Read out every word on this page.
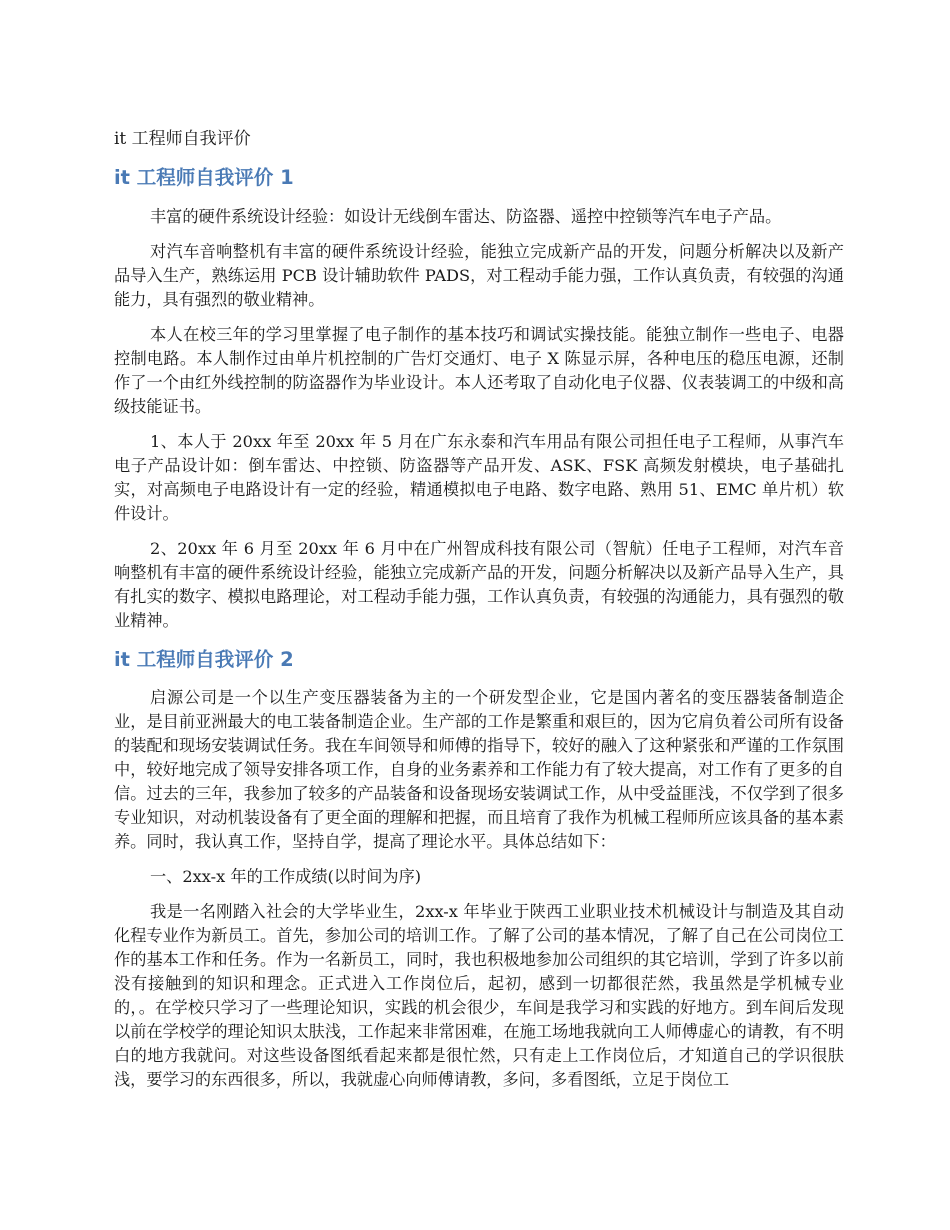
it 工程师自我评价
it 工程师自我评价 1

丰富的硬件系统设计经验：如设计无线倒车雷达、防盗器、遥控中控锁等汽车电子产品。

对汽车音响整机有丰富的硬件系统设计经验，能独立完成新产品的开发，问题分析解决以及新产品导入生产，熟练运用 PCB 设计辅助软件 PADS，对工程动手能力强，工作认真负责，有较强的沟通能力，具有强烈的敬业精神。

本人在校三年的学习里掌握了电子制作的基本技巧和调试实操技能。能独立制作一些电子、电器控制电路。本人制作过由单片机控制的广告灯交通灯、电子 X 陈显示屏，各种电压的稳压电源，还制作了一个由红外线控制的防盗器作为毕业设计。本人还考取了自动化电子仪器、仪表装调工的中级和高级技能证书。

1、本人于 20xx 年至 20xx 年 5 月在广东永泰和汽车用品有限公司担任电子工程师，从事汽车电子产品设计如：倒车雷达、中控锁、防盗器等产品开发、ASK、FSK 高频发射模块，电子基础扎实，对高频电子电路设计有一定的经验，精通模拟电子电路、数字电路、熟用 51、EMC 单片机）软件设计。

2、20xx 年 6 月至 20xx 年 6 月中在广州智成科技有限公司（智航）任电子工程师，对汽车音响整机有丰富的硬件系统设计经验，能独立完成新产品的开发，问题分析解决以及新产品导入生产，具有扎实的数字、模拟电路理论，对工程动手能力强，工作认真负责，有较强的沟通能力，具有强烈的敬业精神。

it 工程师自我评价 2

启源公司是一个以生产变压器装备为主的一个研发型企业，它是国内著名的变压器装备制造企业，是目前亚洲最大的电工装备制造企业。生产部的工作是繁重和艰巨的，因为它肩负着公司所有设备的装配和现场安装调试任务。我在车间领导和师傅的指导下，较好的融入了这种紧张和严谨的工作氛围中，较好地完成了领导安排各项工作，自身的业务素养和工作能力有了较大提高，对工作有了更多的自信。过去的三年，我参加了较多的产品装备和设备现场安装调试工作，从中受益匪浅，不仅学到了很多专业知识，对动机装设备有了更全面的理解和把握，而且培育了我作为机械工程师所应该具备的基本素养。同时，我认真工作，坚持自学，提高了理论水平。具体总结如下：

一、2xx-x 年的工作成绩(以时间为序)

我是一名刚踏入社会的大学毕业生，2xx-x 年毕业于陕西工业职业技术机械设计与制造及其自动化程专业作为新员工。首先，参加公司的培训工作。了解了公司的基本情况，了解了自己在公司岗位工作的基本工作和任务。作为一名新员工，同时，我也积极地参加公司组织的其它培训，学到了许多以前没有接触到的知识和理念。正式进入工作岗位后，起初，感到一切都很茫然，我虽然是学机械专业的，。在学校只学习了一些理论知识，实践的机会很少，车间是我学习和实践的好地方。到车间后发现以前在学校学的理论知识太肤浅，工作起来非常困难，在施工场地我就向工人师傅虚心的请教，有不明白的地方我就问。对这些设备图纸看起来都是很忙然，只有走上工作岗位后，才知道自己的学识很肤浅，要学习的东西很多，所以，我就虚心向师傅请教，多问，多看图纸，立足于岗位工
